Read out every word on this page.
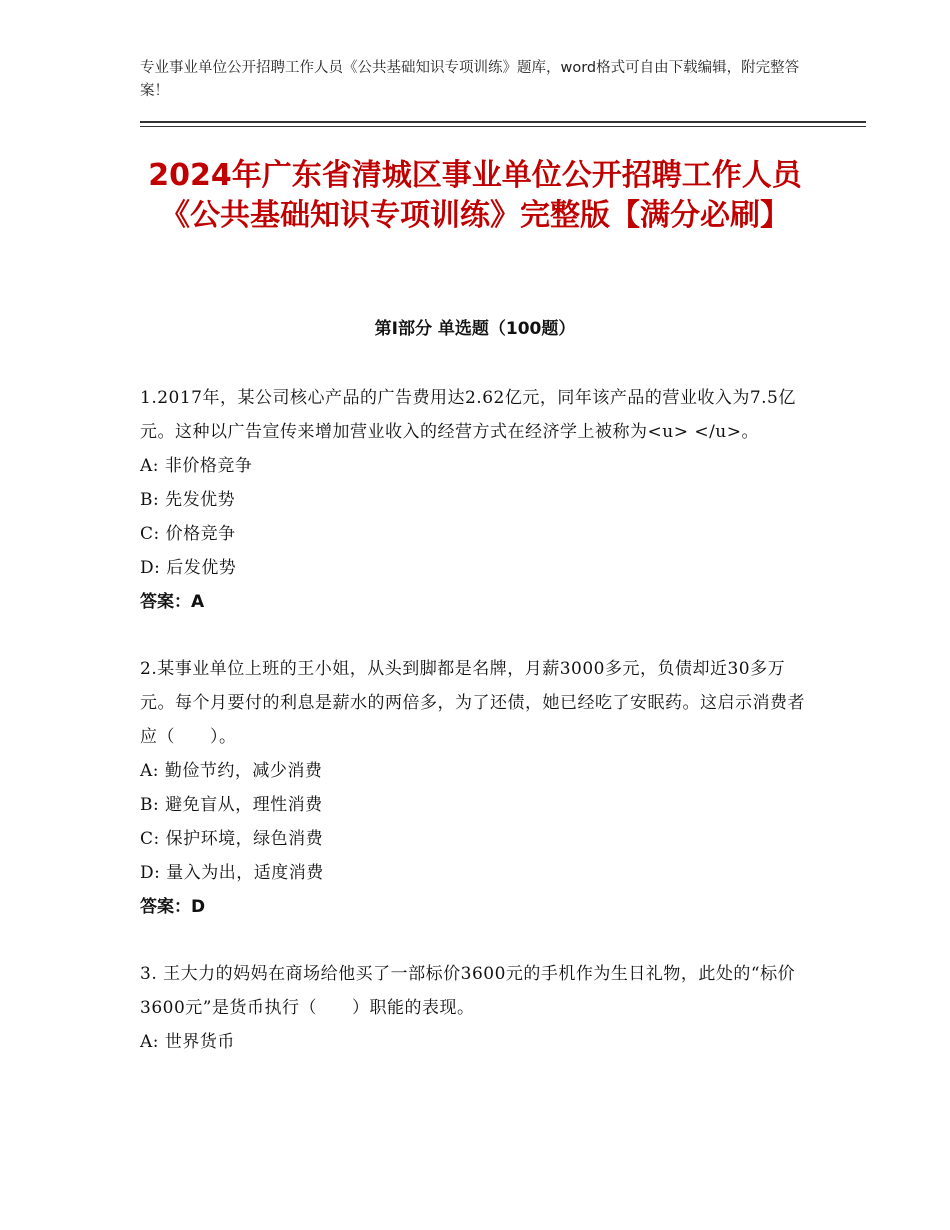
专业事业单位公开招聘工作人员《公共基础知识专项训练》题库，word格式可自由下载编辑，附完整答案！
2024年广东省清城区事业单位公开招聘工作人员《公共基础知识专项训练》完整版【满分必刷】
第Ⅰ部分 单选题（100题）
1.2017年，某公司核心产品的广告费用达2.62亿元，同年该产品的营业收入为7.5亿元。这种以广告宣传来增加营业收入的经营方式在经济学上被称为<u> </u>。
A: 非价格竞争
B: 先发优势
C: 价格竞争
D: 后发优势
答案：A
2.某事业单位上班的王小姐，从头到脚都是名牌，月薪3000多元，负债却近30多万元。每个月要付的利息是薪水的两倍多，为了还债，她已经吃了安眠药。这启示消费者应（　　）。
A: 勤俭节约，减少消费
B: 避免盲从，理性消费
C: 保护环境，绿色消费
D: 量入为出，适度消费
答案：D
3. 王大力的妈妈在商场给他买了一部标价3600元的手机作为生日礼物，此处的“标价3600元”是货币执行（　　）职能的表现。
A: 世界货币
